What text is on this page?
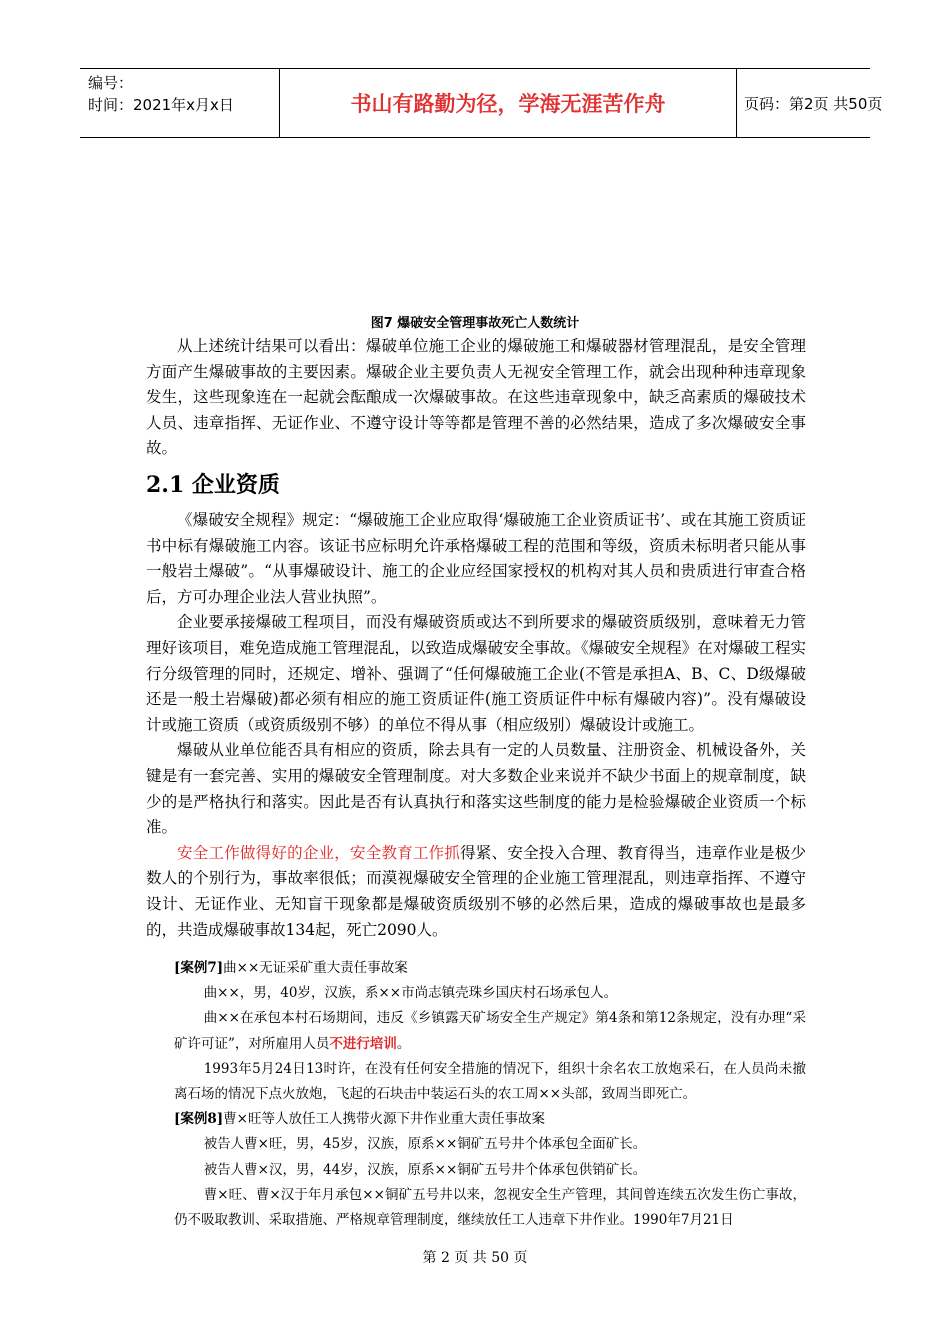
编号：
时间：2021年x月x日	书山有路勤为径，学海无涯苦作舟	页码：第2页 共50页
图7 爆破安全管理事故死亡人数统计

从上述统计结果可以看出：爆破单位施工企业的爆破施工和爆破器材管理混乱，是安全管理方面产生爆破事故的主要因素。爆破企业主要负责人无视安全管理工作，就会出现种种违章现象发生，这些现象连在一起就会酝酿成一次爆破事故。在这些违章现象中，缺乏高素质的爆破技术人员、违章指挥、无证作业、不遵守设计等等都是管理不善的必然结果，造成了多次爆破安全事故。

2.1 企业资质

《爆破安全规程》规定：“爆破施工企业应取得‘爆破施工企业资质证书’、或在其施工资质证书中标有爆破施工内容。该证书应标明允许承格爆破工程的范围和等级，资质未标明者只能从事一般岩土爆破”。“从事爆破设计、施工的企业应经国家授权的机构对其人员和贵质进行审查合格后，方可办理企业法人营业执照”。

企业要承接爆破工程项目，而没有爆破资质或达不到所要求的爆破资质级别，意味着无力管理好该项目，难免造成施工管理混乱，以致造成爆破安全事故。《爆破安全规程》在对爆破工程实行分级管理的同时，还规定、增补、强调了“任何爆破施工企业(不管是承担A、B、C、D级爆破还是一般土岩爆破)都必须有相应的施工资质证件(施工资质证件中标有爆破内容)”。没有爆破设计或施工资质（或资质级别不够）的单位不得从事（相应级别）爆破设计或施工。

爆破从业单位能否具有相应的资质，除去具有一定的人员数量、注册资金、机械设备外，关键是有一套完善、实用的爆破安全管理制度。对大多数企业来说并不缺少书面上的规章制度，缺少的是严格执行和落实。因此是否有认真执行和落实这些制度的能力是检验爆破企业资质一个标准。

安全工作做得好的企业，安全教育工作抓得紧、安全投入合理、教育得当，违章作业是极少数人的个别行为，事故率很低；而漠视爆破安全管理的企业施工管理混乱，则违章指挥、不遵守设计、无证作业、无知盲干现象都是爆破资质级别不够的必然后果，造成的爆破事故也是最多的，共造成爆破事故134起，死亡2090人。

[案例7]曲××无证采矿重大责任事故案

曲××，男，40岁，汉族，系××市尚志镇壳珠乡国庆村石场承包人。

曲××在承包本村石场期间，违反《乡镇露天矿场安全生产规定》第4条和第12条规定，没有办理“采矿许可证”，对所雇用人员不进行培训。

1993年5月24日13时许，在没有任何安全措施的情况下，组织十余名农工放炮采石，在人员尚未撤离石场的情况下点火放炮，飞起的石块击中装运石头的农工周××头部，致周当即死亡。

[案例8]曹×旺等人放任工人携带火源下井作业重大责任事故案

被告人曹×旺，男，45岁，汉族，原系××铜矿五号井个体承包全面矿长。

被告人曹×汉，男，44岁，汉族，原系××铜矿五号井个体承包供销矿长。

曹×旺、曹×汉于年月承包××铜矿五号井以来，忽视安全生产管理，其间曾连续五次发生伤亡事故，仍不吸取教训、采取措施、严格规章管理制度，继续放任工人违章下井作业。1990年7月21日

第 2 页 共 50 页
